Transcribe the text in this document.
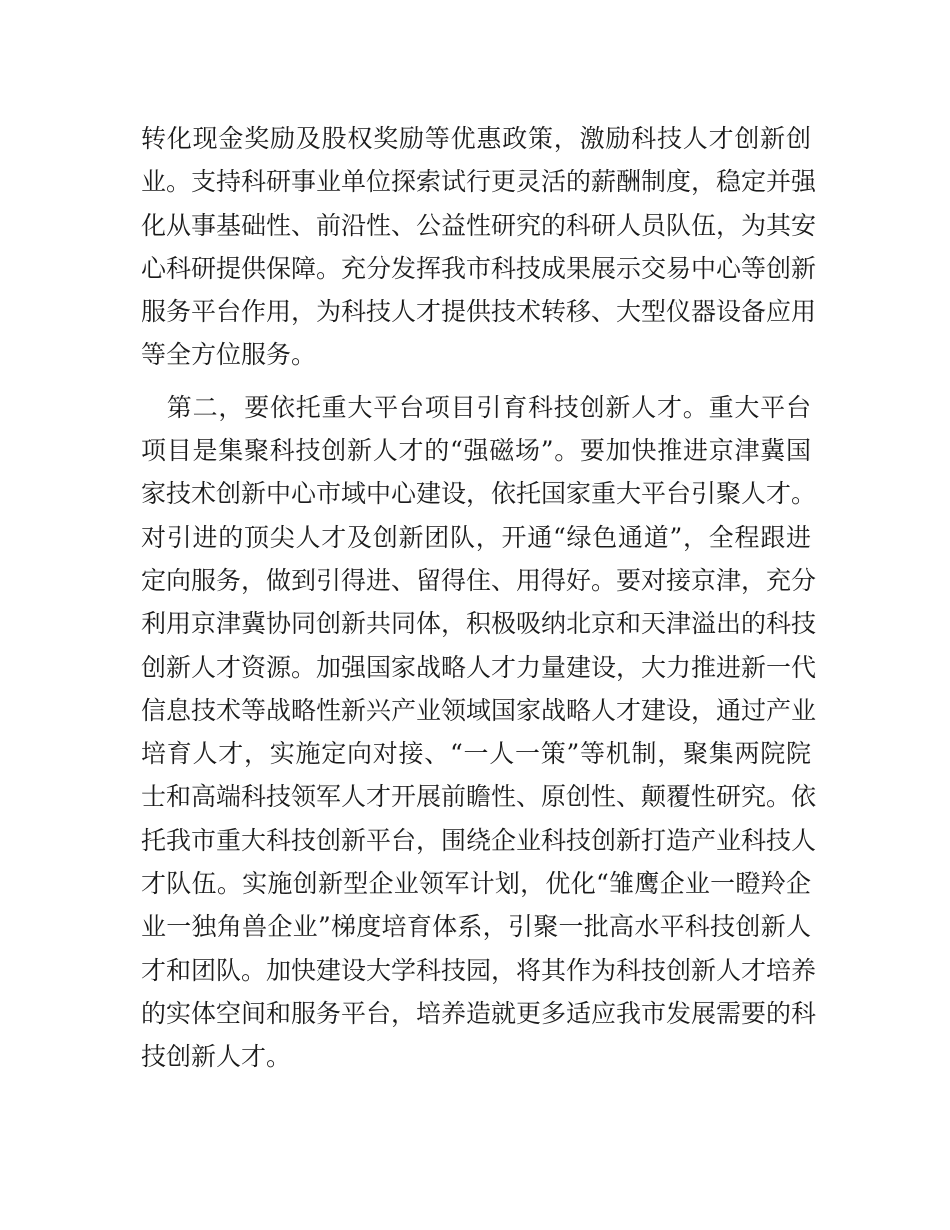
转化现金奖励及股权奖励等优惠政策，激励科技人才创新创
业。支持科研事业单位探索试行更灵活的薪酬制度，稳定并强
化从事基础性、前沿性、公益性研究的科研人员队伍，为其安
心科研提供保障。充分发挥我市科技成果展示交易中心等创新
服务平台作用，为科技人才提供技术转移、大型仪器设备应用
等全方位服务。
　第二，要依托重大平台项目引育科技创新人才。重大平台
项目是集聚科技创新人才的“强磁场”。要加快推进京津冀国
家技术创新中心市域中心建设，依托国家重大平台引聚人才。
对引进的顶尖人才及创新团队，开通“绿色通道”，全程跟进
定向服务，做到引得进、留得住、用得好。要对接京津，充分
利用京津冀协同创新共同体，积极吸纳北京和天津溢出的科技
创新人才资源。加强国家战略人才力量建设，大力推进新一代
信息技术等战略性新兴产业领域国家战略人才建设，通过产业
培育人才，实施定向对接、“一人一策”等机制，聚集两院院
士和高端科技领军人才开展前瞻性、原创性、颠覆性研究。依
托我市重大科技创新平台，围绕企业科技创新打造产业科技人
才队伍。实施创新型企业领军计划，优化“雏鹰企业一瞪羚企
业一独角兽企业”梯度培育体系，引聚一批高水平科技创新人
才和团队。加快建设大学科技园，将其作为科技创新人才培养
的实体空间和服务平台，培养造就更多适应我市发展需要的科
技创新人才。
